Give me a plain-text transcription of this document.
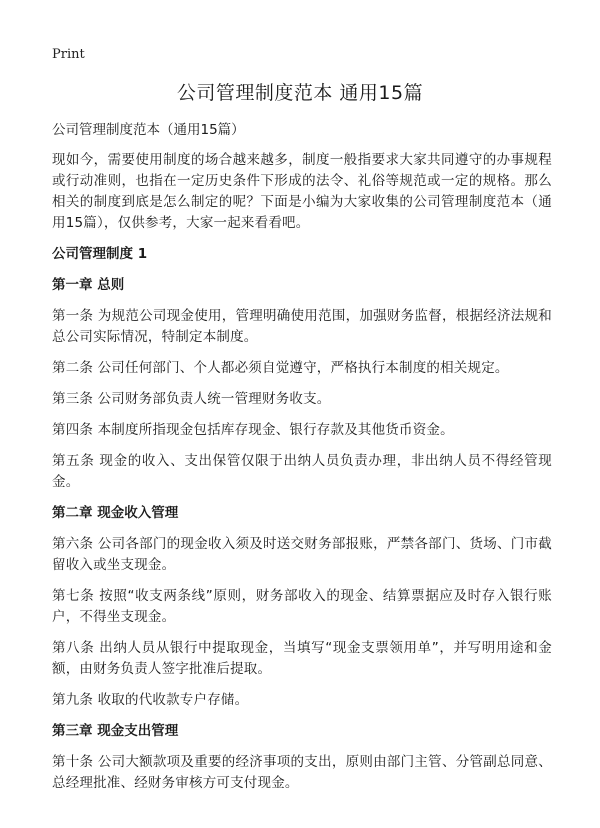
Print
公司管理制度范本 通用15篇

公司管理制度范本（通用15篇）

现如今，需要使用制度的场合越来越多，制度一般指要求大家共同遵守的办事规程或行动准则，也指在一定历史条件下形成的法令、礼俗等规范或一定的规格。那么相关的制度到底是怎么制定的呢？下面是小编为大家收集的公司管理制度范本（通用15篇），仅供参考，大家一起来看看吧。

公司管理制度 1

第一章 总则

第一条 为规范公司现金使用，管理明确使用范围，加强财务监督，根据经济法规和总公司实际情况，特制定本制度。

第二条 公司任何部门、个人都必须自觉遵守，严格执行本制度的相关规定。

第三条 公司财务部负责人统一管理财务收支。

第四条 本制度所指现金包括库存现金、银行存款及其他货币资金。

第五条 现金的收入、支出保管仅限于出纳人员负责办理，非出纳人员不得经管现金。

第二章 现金收入管理

第六条 公司各部门的现金收入须及时送交财务部报账，严禁各部门、货场、门市截留收入或坐支现金。

第七条 按照“收支两条线”原则，财务部收入的现金、结算票据应及时存入银行账户，不得坐支现金。

第八条 出纳人员从银行中提取现金，当填写“现金支票领用单”，并写明用途和金额，由财务负责人签字批准后提取。

第九条 收取的代收款专户存储。

第三章 现金支出管理

第十条 公司大额款项及重要的经济事项的支出，原则由部门主管、分管副总同意、总经理批准、经财务审核方可支付现金。
